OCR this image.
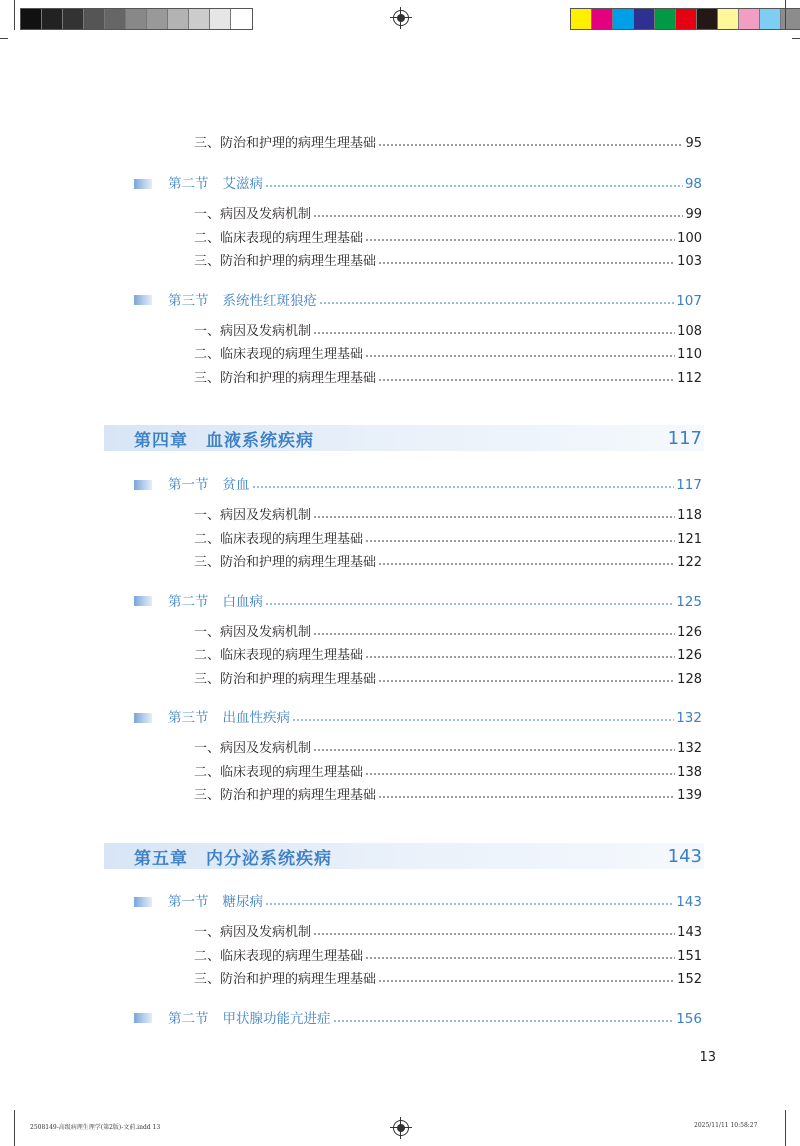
三、防治和护理的病理生理基础	95
第二节 艾滋病	98
一、病因及发病机制	99
二、临床表现的病理生理基础	100
三、防治和护理的病理生理基础	103
第三节 系统性红斑狼疮	107
一、病因及发病机制	108
二、临床表现的病理生理基础	110
三、防治和护理的病理生理基础	112
第四章 血液系统疾病	117
第一节 贫血	117
一、病因及发病机制	118
二、临床表现的病理生理基础	121
三、防治和护理的病理生理基础	122
第二节 白血病	125
一、病因及发病机制	126
二、临床表现的病理生理基础	126
三、防治和护理的病理生理基础	128
第三节 出血性疾病	132
一、病因及发病机制	132
二、临床表现的病理生理基础	138
三、防治和护理的病理生理基础	139
第五章 内分泌系统疾病	143
第一节 糖尿病	143
一、病因及发病机制	143
二、临床表现的病理生理基础	151
三、防治和护理的病理生理基础	152
第二节 甲状腺功能亢进症	156
13
2508149-高级病理生理学(第2版)-文前.indd 13	2025/11/11 10:58:27
